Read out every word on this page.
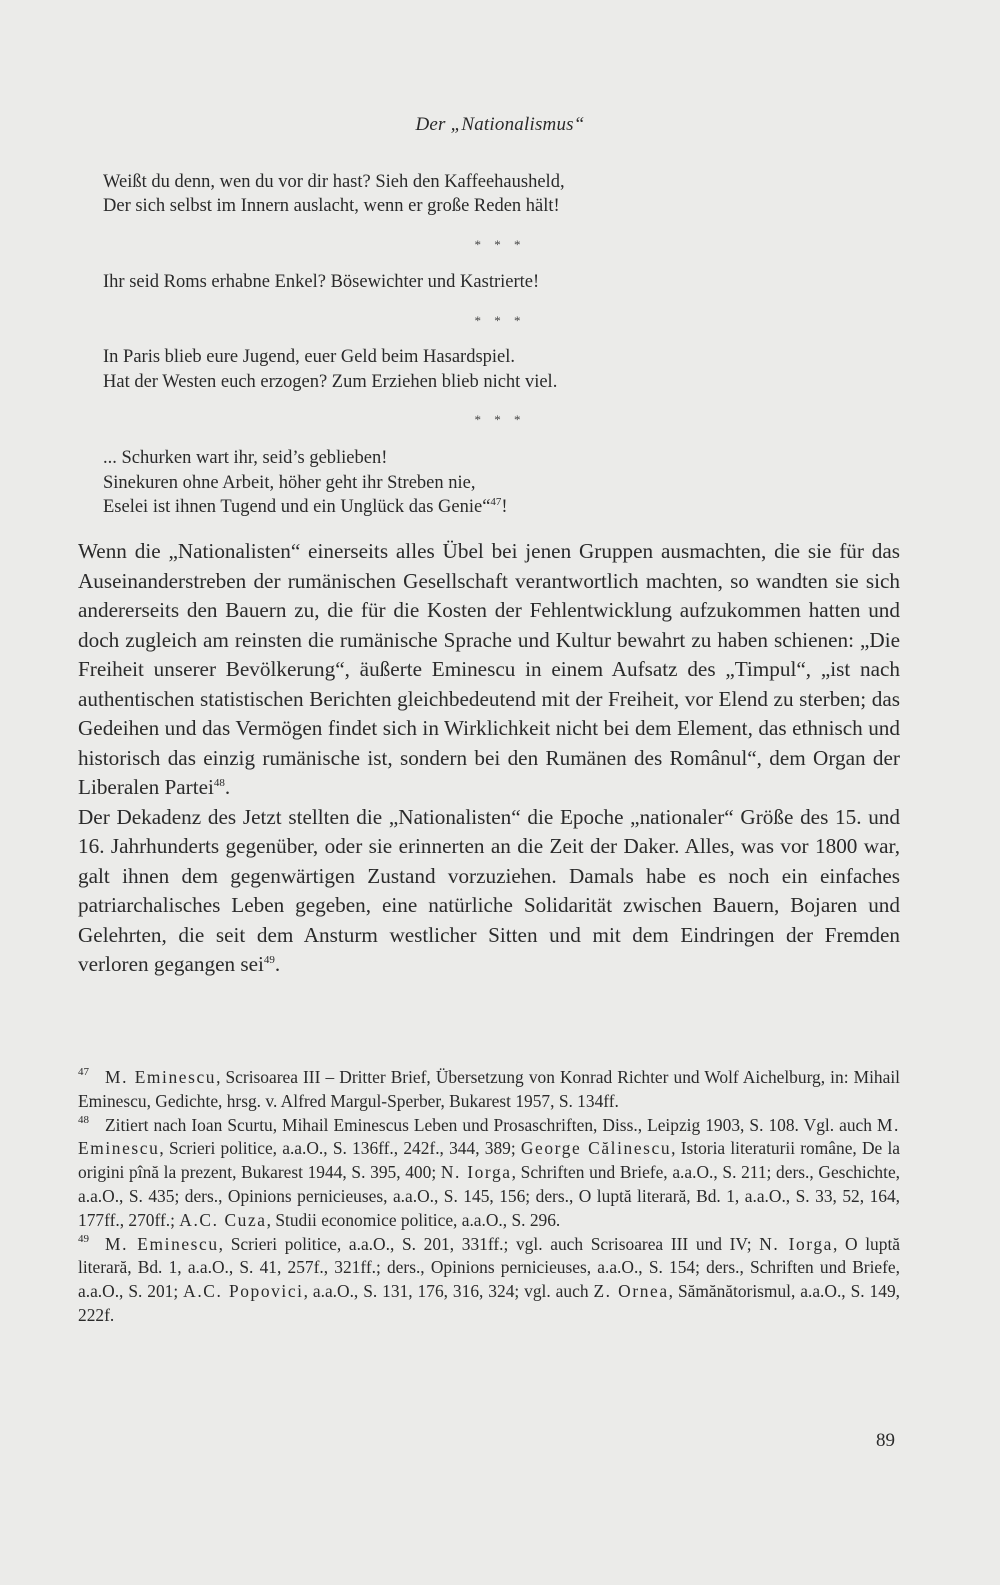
Der „Nationalismus“
Weißt du denn, wen du vor dir hast? Sieh den Kaffeehausheld,
Der sich selbst im Innern auslacht, wenn er große Reden hält!
* * *
Ihr seid Roms erhabne Enkel? Bösewichter und Kastrierte!
* * *
In Paris blieb eure Jugend, euer Geld beim Hasardspiel.
Hat der Westen euch erzogen? Zum Erziehen blieb nicht viel.
* * *
... Schurken wart ihr, seid’s geblieben!
Sinekuren ohne Arbeit, höher geht ihr Streben nie,
Eselei ist ihnen Tugend und ein Unglück das Genie“$^{47}$!

Wenn die „Nationalisten“ einerseits alles Übel bei jenen Gruppen ausmachten, die sie für das Auseinanderstreben der rumänischen Gesellschaft verantwortlich machten, so wandten sie sich andererseits den Bauern zu, die für die Kosten der Fehlentwicklung aufzukommen hatten und doch zugleich am reinsten die rumänische Sprache und Kultur bewahrt zu haben schienen: „Die Freiheit unserer Bevölkerung“, äußerte Eminescu in einem Aufsatz des „Timpul“, „ist nach authentischen statistischen Berichten gleichbedeutend mit der Freiheit, vor Elend zu sterben; das Gedeihen und das Vermögen findet sich in Wirklichkeit nicht bei dem Element, das ethnisch und historisch das einzig rumänische ist, sondern bei den Rumänen des Românul“, dem Organ der Liberalen Partei$^{48}$.

Der Dekadenz des Jetzt stellten die „Nationalisten“ die Epoche „nationaler“ Größe des 15. und 16. Jahrhunderts gegenüber, oder sie erinnerten an die Zeit der Daker. Alles, was vor 1800 war, galt ihnen dem gegenwärtigen Zustand vorzuziehen. Damals habe es noch ein einfaches patriarchalisches Leben gegeben, eine natürliche Solidarität zwischen Bauern, Bojaren und Gelehrten, die seit dem Ansturm westlicher Sitten und mit dem Eindringen der Fremden verloren gegangen sei$^{49}$.

$^{47}$ M. Eminescu, Scrisoarea III – Dritter Brief, Übersetzung von Konrad Richter und Wolf Aichelburg, in: Mihail Eminescu, Gedichte, hrsg. v. Alfred Margul-Sperber, Bukarest 1957, S. 134ff.

$^{48}$ Zitiert nach Ioan Scurtu, Mihail Eminescus Leben und Prosaschriften, Diss., Leipzig 1903, S. 108. Vgl. auch M. Eminescu, Scrieri politice, a.a.O., S. 136ff., 242f., 344, 389; George Călinescu, Istoria literaturii române, De la origini pînă la prezent, Bukarest 1944, S. 395, 400; N. Iorga, Schriften und Briefe, a.a.O., S. 211; ders., Geschichte, a.a.O., S. 435; ders., Opinions pernicieuses, a.a.O., S. 145, 156; ders., O luptă literară, Bd. 1, a.a.O., S. 33, 52, 164, 177ff., 270ff.; A.C. Cuza, Studii economice politice, a.a.O., S. 296.

$^{49}$ M. Eminescu, Scrieri politice, a.a.O., S. 201, 331ff.; vgl. auch Scrisoarea III und IV; N. Iorga, O luptă literară, Bd. 1, a.a.O., S. 41, 257f., 321ff.; ders., Opinions pernicieuses, a.a.O., S. 154; ders., Schriften und Briefe, a.a.O., S. 201; A.C. Popovici, a.a.O., S. 131, 176, 316, 324; vgl. auch Z. Ornea, Sămănătorismul, a.a.O., S. 149, 222f.

89
